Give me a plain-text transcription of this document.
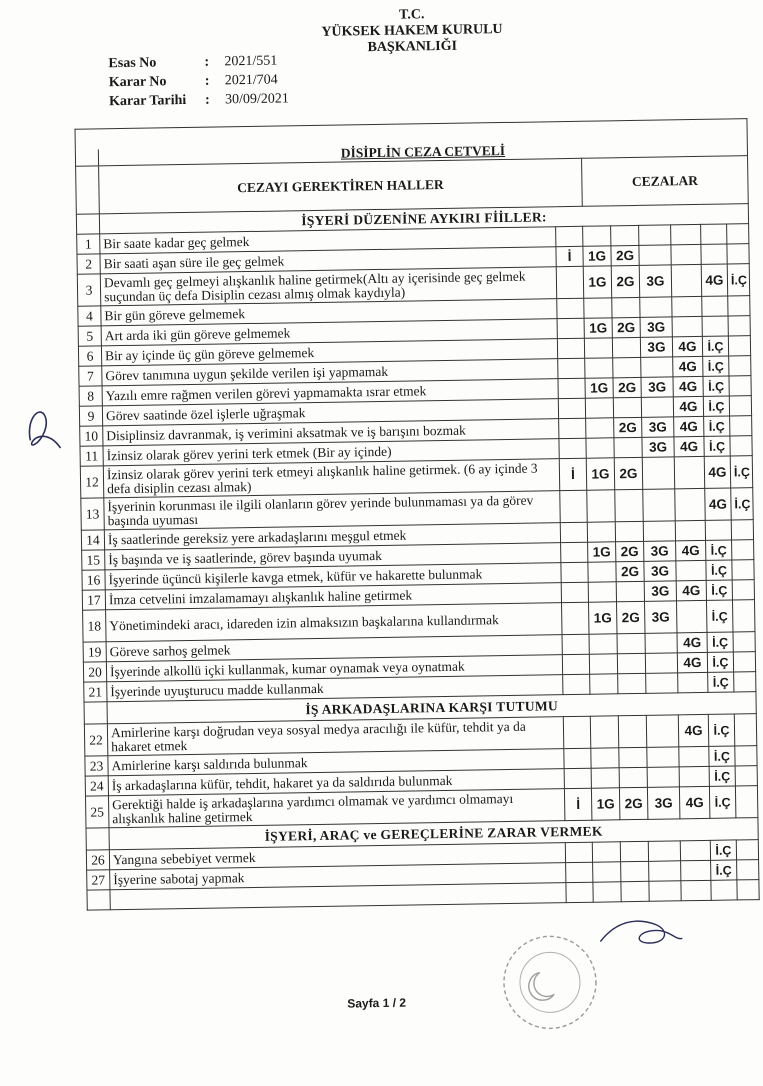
T.C.
YÜKSEK HAKEM KURULU
BAŞKANLIĞI
Esas No	:	2021/551
Karar No	:	2021/704
Karar Tarihi	:	30/09/2021

	DİSİPLİN CEZA CETVELİ							
	CEZAYI GEREKTİREN HALLER		CEZALAR					
	İŞYERİ DÜZENİNE AYKIRI FİİLLER:							
1	Bir saate kadar geç gelmek							
2	Bir saati aşan süre ile geç gelmek	İ	1G	2G				
3	Devamlı geç gelmeyi alışkanlık haline getirmek(Altı ay içerisinde geç gelmek suçundan üç defa Disiplin cezası almış olmak kaydıyla)		1G	2G	3G		4G	İ.Ç
4	Bir gün göreve gelmemek							
5	Art arda iki gün göreve gelmemek		1G	2G	3G			
6	Bir ay içinde üç gün göreve gelmemek				3G	4G	İ.Ç	
7	Görev tanımına uygun şekilde verilen işi yapmamak					4G	İ.Ç	
8	Yazılı emre rağmen verilen görevi yapmamakta ısrar etmek		1G	2G	3G	4G	İ.Ç	
9	Görev saatinde özel işlerle uğraşmak					4G	İ.Ç	
10	Disiplinsiz davranmak, iş verimini aksatmak ve iş barışını bozmak			2G	3G	4G	İ.Ç	
11	İzinsiz olarak görev yerini terk etmek (Bir ay içinde)				3G	4G	İ.Ç	
12	İzinsiz olarak görev yerini terk etmeyi alışkanlık haline getirmek. (6 ay içinde 3 defa disiplin cezası almak)	İ	1G	2G			4G	İ.Ç
13	İşyerinin korunması ile ilgili olanların görev yerinde bulunmaması ya da görev başında uyuması						4G	İ.Ç
14	İş saatlerinde gereksiz yere arkadaşlarını meşgul etmek							
15	İş başında ve iş saatlerinde, görev başında uyumak		1G	2G	3G	4G	İ.Ç	
16	İşyerinde üçüncü kişilerle kavga etmek, küfür ve hakarette bulunmak			2G	3G		İ.Ç	
17	İmza cetvelini imzalamamayı alışkanlık haline getirmek				3G	4G	İ.Ç	
18	Yönetimindeki aracı, idareden izin almaksızın başkalarına kullandırmak		1G	2G	3G		İ.Ç	
19	Göreve sarhoş gelmek					4G	İ.Ç	
20	İşyerinde alkollü içki kullanmak, kumar oynamak veya oynatmak					4G	İ.Ç	
21	İşyerinde uyuşturucu madde kullanmak						İ.Ç	
	İŞ ARKADAŞLARINA KARŞI TUTUMU							
22	Amirlerine karşı doğrudan veya sosyal medya aracılığı ile küfür, tehdit ya da hakaret etmek					4G	İ.Ç	
23	Amirlerine karşı saldırıda bulunmak						İ.Ç	
24	İş arkadaşlarına küfür, tehdit, hakaret ya da saldırıda bulunmak						İ.Ç	
25	Gerektiği halde iş arkadaşlarına yardımcı olmamak ve yardımcı olmamayı alışkanlık haline getirmek	İ	1G	2G	3G	4G	İ.Ç	
	İŞYERİ, ARAÇ ve GEREÇLERİNE ZARAR VERMEK							
26	Yangına sebebiyet vermek						İ.Ç	
27	İşyerine sabotaj yapmak						İ.Ç	

Sayfa 1 / 2
